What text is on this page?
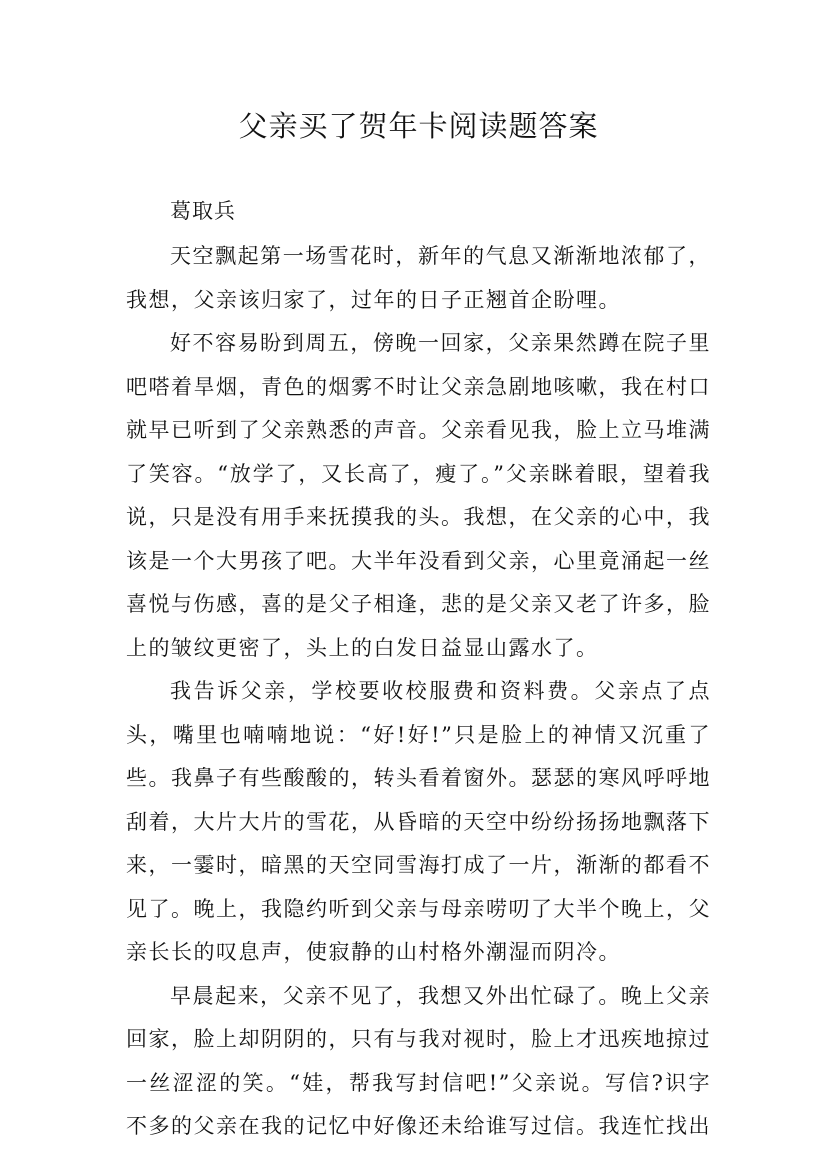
父亲买了贺年卡阅读题答案

葛取兵

天空飘起第一场雪花时，新年的气息又渐渐地浓郁了，我想，父亲该归家了，过年的日子正翘首企盼哩。

好不容易盼到周五，傍晚一回家，父亲果然蹲在院子里吧嗒着旱烟，青色的烟雾不时让父亲急剧地咳嗽，我在村口就早已听到了父亲熟悉的声音。父亲看见我，脸上立马堆满了笑容。“放学了，又长高了，瘦了。”父亲眯着眼，望着我说，只是没有用手来抚摸我的头。我想，在父亲的心中，我该是一个大男孩了吧。大半年没看到父亲，心里竟涌起一丝喜悦与伤感，喜的是父子相逢，悲的是父亲又老了许多，脸上的皱纹更密了，头上的白发日益显山露水了。

我告诉父亲，学校要收校服费和资料费。父亲点了点头，嘴里也喃喃地说：“好!好!”只是脸上的神情又沉重了些。我鼻子有些酸酸的，转头看着窗外。瑟瑟的寒风呼呼地刮着，大片大片的雪花，从昏暗的天空中纷纷扬扬地飘落下来，一霎时，暗黑的天空同雪海打成了一片，渐渐的都看不见了。晚上，我隐约听到父亲与母亲唠叨了大半个晚上，父亲长长的叹息声，使寂静的山村格外潮湿而阴冷。

早晨起来，父亲不见了，我想又外出忙碌了。晚上父亲回家，脸上却阴阴的，只有与我对视时，脸上才迅疾地掠过一丝涩涩的笑。“娃，帮我写封信吧!”父亲说。写信?识字不多的父亲在我的记忆中好像还未给谁写过信。我连忙找出
